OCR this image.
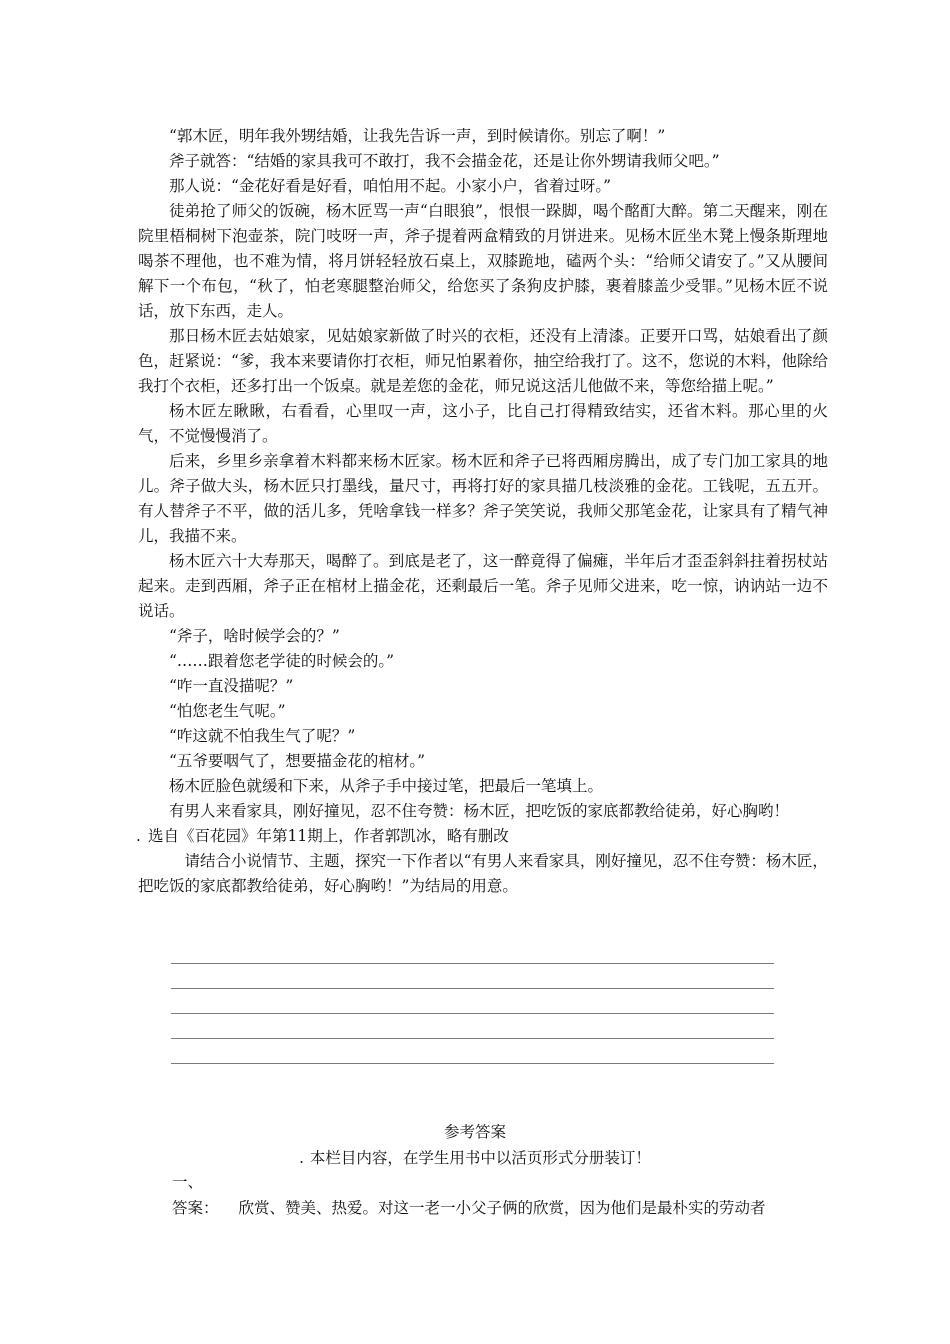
“郭木匠，明年我外甥结婚，让我先告诉一声，到时候请你。别忘了啊！”

斧子就答：“结婚的家具我可不敢打，我不会描金花，还是让你外甥请我师父吧。”

那人说：“金花好看是好看，咱怕用不起。小家小户，省着过呀。”

徒弟抢了师父的饭碗，杨木匠骂一声“白眼狼”，恨恨一跺脚，喝个酩酊大醉。第二天醒来，刚在院里梧桐树下泡壶茶，院门吱呀一声，斧子提着两盒精致的月饼进来。见杨木匠坐木凳上慢条斯理地喝茶不理他，也不难为情，将月饼轻轻放石桌上，双膝跪地，磕两个头：“给师父请安了。”又从腰间解下一个布包，“秋了，怕老寒腿整治师父，给您买了条狗皮护膝，裹着膝盖少受罪。”见杨木匠不说话，放下东西，走人。

那日杨木匠去姑娘家，见姑娘家新做了时兴的衣柜，还没有上清漆。正要开口骂，姑娘看出了颜色，赶紧说：“爹，我本来要请你打衣柜，师兄怕累着你，抽空给我打了。这不，您说的木料，他除给我打个衣柜，还多打出一个饭桌。就是差您的金花，师兄说这活儿他做不来，等您给描上呢。”

杨木匠左瞅瞅，右看看，心里叹一声，这小子，比自己打得精致结实，还省木料。那心里的火气，不觉慢慢消了。

后来，乡里乡亲拿着木料都来杨木匠家。杨木匠和斧子已将西厢房腾出，成了专门加工家具的地儿。斧子做大头，杨木匠只打墨线，量尺寸，再将打好的家具描几枝淡雅的金花。工钱呢，五五开。有人替斧子不平，做的活儿多，凭啥拿钱一样多？斧子笑笑说，我师父那笔金花，让家具有了精气神儿，我描不来。

杨木匠六十大寿那天，喝醉了。到底是老了，这一醉竟得了偏瘫，半年后才歪歪斜斜拄着拐杖站起来。走到西厢，斧子正在棺材上描金花，还剩最后一笔。斧子见师父进来，吃一惊，讷讷站一边不说话。

“斧子，啥时候学会的？”

“……跟着您老学徒的时候会的。”

“咋一直没描呢？”

“怕您老生气呢。”

“咋这就不怕我生气了呢？”

“五爷要咽气了，想要描金花的棺材。”

杨木匠脸色就缓和下来，从斧子手中接过笔，把最后一笔填上。

有男人来看家具，刚好撞见，忍不住夸赞：杨木匠，把吃饭的家底都教给徒弟，好心胸哟！

. 选自《百花园》年第11期上，作者郭凯冰，略有删改

请结合小说情节、主题，探究一下作者以“有男人来看家具，刚好撞见，忍不住夸赞：杨木匠，把吃饭的家底都教给徒弟，好心胸哟！”为结局的用意。

参考答案
. 本栏目内容，在学生用书中以活页形式分册装订！
一、
答案： 欣赏、赞美、热爱。对这一老一小父子俩的欣赏，因为他们是最朴实的劳动者
